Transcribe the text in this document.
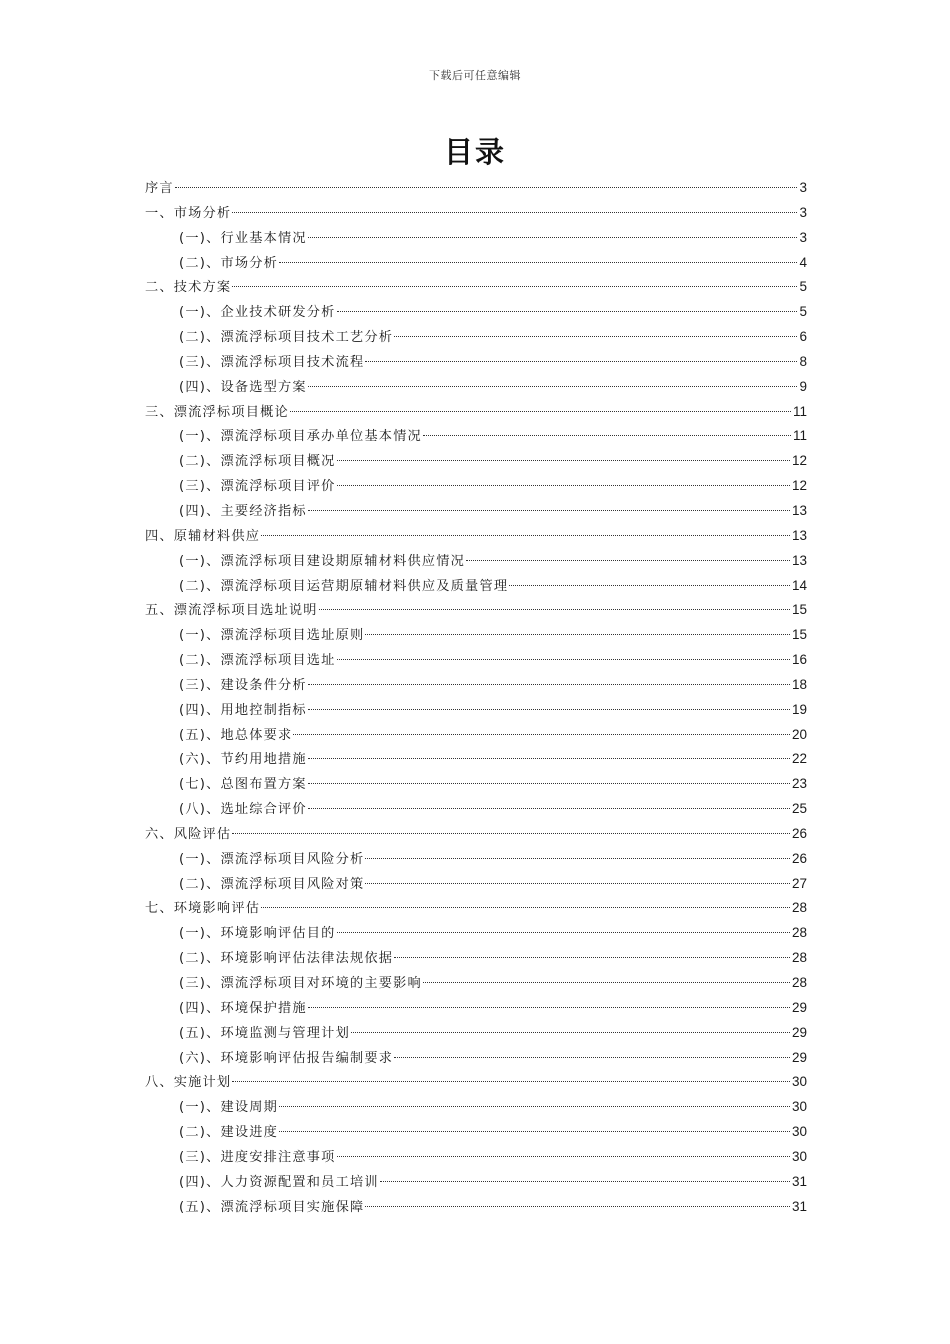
下载后可任意编辑
目录
序言	3
一、市场分析	3
(一)、行业基本情况	3
(二)、市场分析	4
二、技术方案	5
(一)、企业技术研发分析	5
(二)、漂流浮标项目技术工艺分析	6
(三)、漂流浮标项目技术流程	8
(四)、设备选型方案	9
三、漂流浮标项目概论	11
(一)、漂流浮标项目承办单位基本情况	11
(二)、漂流浮标项目概况	12
(三)、漂流浮标项目评价	12
(四)、主要经济指标	13
四、原辅材料供应	13
(一)、漂流浮标项目建设期原辅材料供应情况	13
(二)、漂流浮标项目运营期原辅材料供应及质量管理	14
五、漂流浮标项目选址说明	15
(一)、漂流浮标项目选址原则	15
(二)、漂流浮标项目选址	16
(三)、建设条件分析	18
(四)、用地控制指标	19
(五)、地总体要求	20
(六)、节约用地措施	22
(七)、总图布置方案	23
(八)、选址综合评价	25
六、风险评估	26
(一)、漂流浮标项目风险分析	26
(二)、漂流浮标项目风险对策	27
七、环境影响评估	28
(一)、环境影响评估目的	28
(二)、环境影响评估法律法规依据	28
(三)、漂流浮标项目对环境的主要影响	28
(四)、环境保护措施	29
(五)、环境监测与管理计划	29
(六)、环境影响评估报告编制要求	29
八、实施计划	30
(一)、建设周期	30
(二)、建设进度	30
(三)、进度安排注意事项	30
(四)、人力资源配置和员工培训	31
(五)、漂流浮标项目实施保障	31
